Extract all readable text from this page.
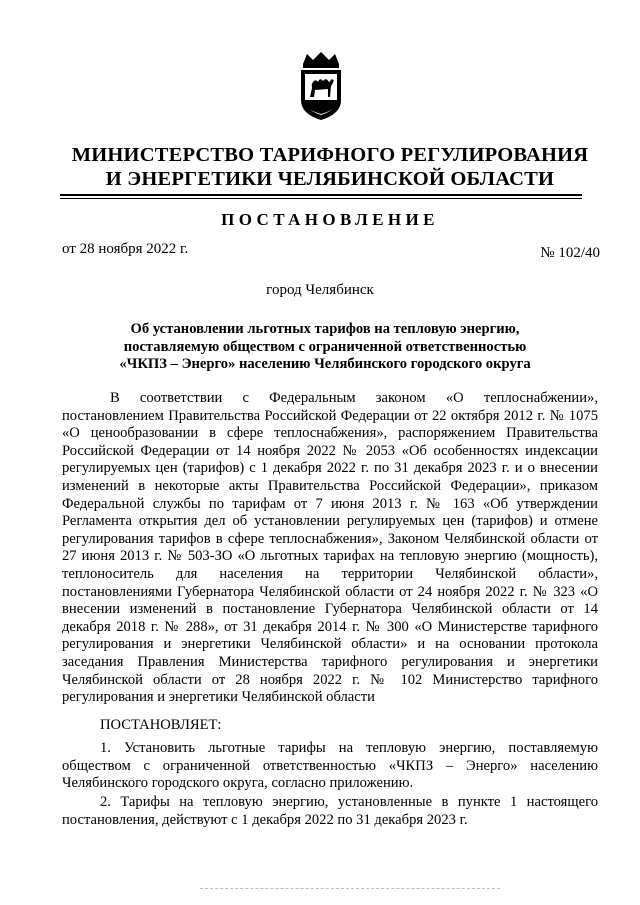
МИНИСТЕРСТВО ТАРИФНОГО РЕГУЛИРОВАНИЯ
И ЭНЕРГЕТИКИ ЧЕЛЯБИНСКОЙ ОБЛАСТИ
ПОСТАНОВЛЕНИЕ
от 28 ноября 2022 г.	№ 102/40
город Челябинск
Об установлении льготных тарифов на тепловую энергию,
поставляемую обществом с ограниченной ответственностью
«ЧКПЗ – Энерго» населению Челябинского городского округа
В соответствии с Федеральным законом «О теплоснабжении», постановлением Правительства Российской Федерации от 22 октября 2012 г. № 1075 «О ценообразовании в сфере теплоснабжения», распоряжением Правительства Российской Федерации от 14 ноября 2022 № 2053 «Об особенностях индексации регулируемых цен (тарифов) с 1 декабря 2022 г. по 31 декабря 2023 г. и о внесении изменений в некоторые акты Правительства Российской Федерации», приказом Федеральной службы по тарифам от 7 июня 2013 г. № 163 «Об утверждении Регламента открытия дел об установлении регулируемых цен (тарифов) и отмене регулирования тарифов в сфере теплоснабжения», Законом Челябинской области от 27 июня 2013 г. № 503-ЗО «О льготных тарифах на тепловую энергию (мощность), теплоноситель для населения на территории Челябинской области», постановлениями Губернатора Челябинской области от 24 ноября 2022 г. № 323 «О внесении изменений в постановление Губернатора Челябинской области от 14 декабря 2018 г. № 288», от 31 декабря 2014 г. № 300 «О Министерстве тарифного регулирования и энергетики Челябинской области» и на основании протокола заседания Правления Министерства тарифного регулирования и энергетики Челябинской области от 28 ноября 2022 г. № 102 Министерство тарифного регулирования и энергетики Челябинской области
ПОСТАНОВЛЯЕТ:
1. Установить льготные тарифы на тепловую энергию, поставляемую обществом с ограниченной ответственностью «ЧКПЗ – Энерго» населению Челябинского городского округа, согласно приложению.
2. Тарифы на тепловую энергию, установленные в пункте 1 настоящего постановления, действуют с 1 декабря 2022 по 31 декабря 2023 г.
